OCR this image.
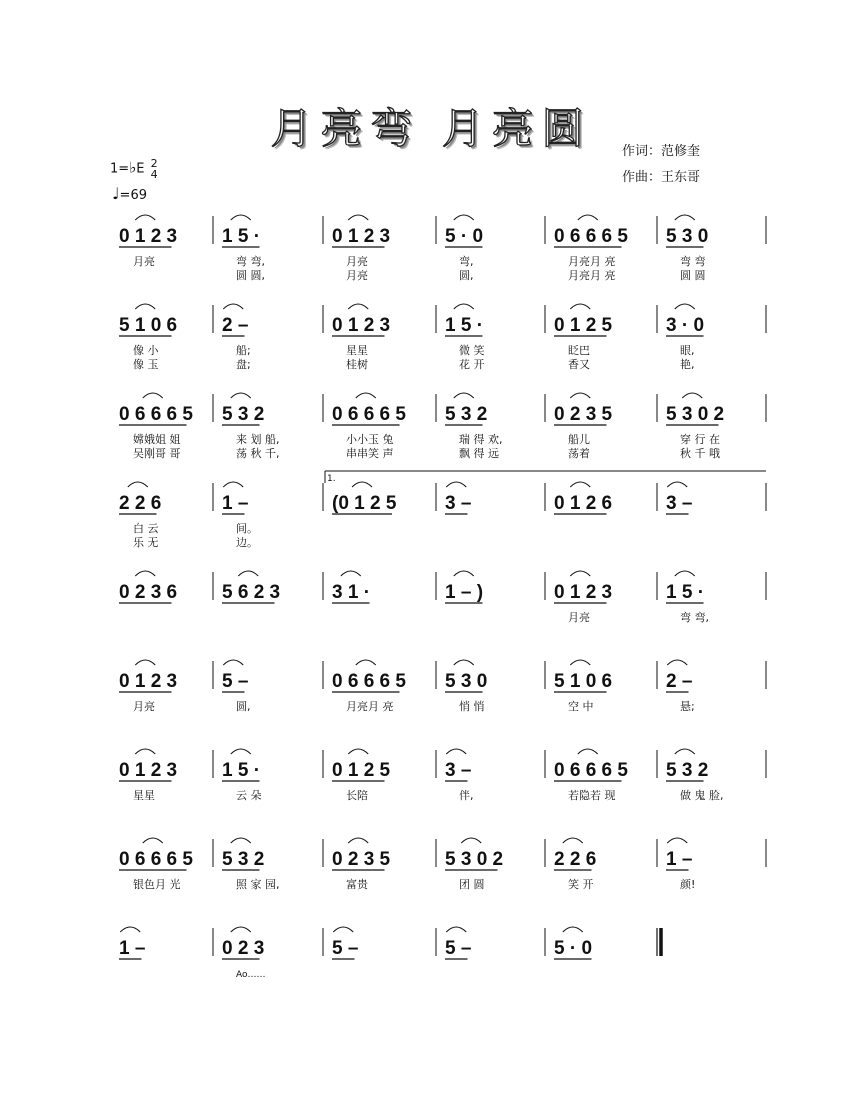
月亮弯 月亮圆	作词：范修奎
作曲：王东哥
1=♭E 2
4
♩=69
0 1 2 3
月亮
1 5 ·
弯 弯,
圆 圆,
0 1 2 3
月亮
月亮
5 · 0
弯,
圆,
0 6 6 6 5
月亮月 亮
月亮月 亮
5 3 0
弯 弯
圆 圆
5 1 0 6
像 小
像 玉
2 –
船;
盘;
0 1 2 3
星星
桂树
1 5 ·
微 笑
花 开
0 1 2 5
眨巴
香又
3 · 0
眼,
艳,
0 6 6 6 5
嫦娥姐 姐
吴刚哥 哥
5 3 2
来 划 船,
荡 秋 千,
0 6 6 6 5
小小玉 兔
串串笑 声
5 3 2
瑞 得 欢,
飘 得 远
0 2 3 5
船儿
荡着
5 3 0 2
穿 行 在
秋 千 哦
2 2 6
白 云
乐 无
1 –
间。
边。
(0 1 2 5	3 –	0 1 2 6	3 –
1.
0 2 3 6 5 6 2 3	3 1 ·	1 – )	0 1 2 3
月亮
1 5 ·
弯 弯,
0 1 2 3
月亮
5 –
圆,
0 6 6 6 5
月亮月 亮
5 3 0
悄 悄
5 1 0 6
空 中
2 –
悬;
0 1 2 3
星星
1 5 ·
云 朵
0 1 2 5
长陪
3 –
伴,
0 6 6 6 5
若隐若 现
5 3 2
做 鬼 脸,
0 6 6 6 5
银色月 光
5 3 2
照 家 园,
0 2 3 5
富贵
5 3 0 2
团 圆
2 2 6
笑 开
1 –
颜!
1 –	0 2 3
Ao……
5 –	5 –	5 · 0
